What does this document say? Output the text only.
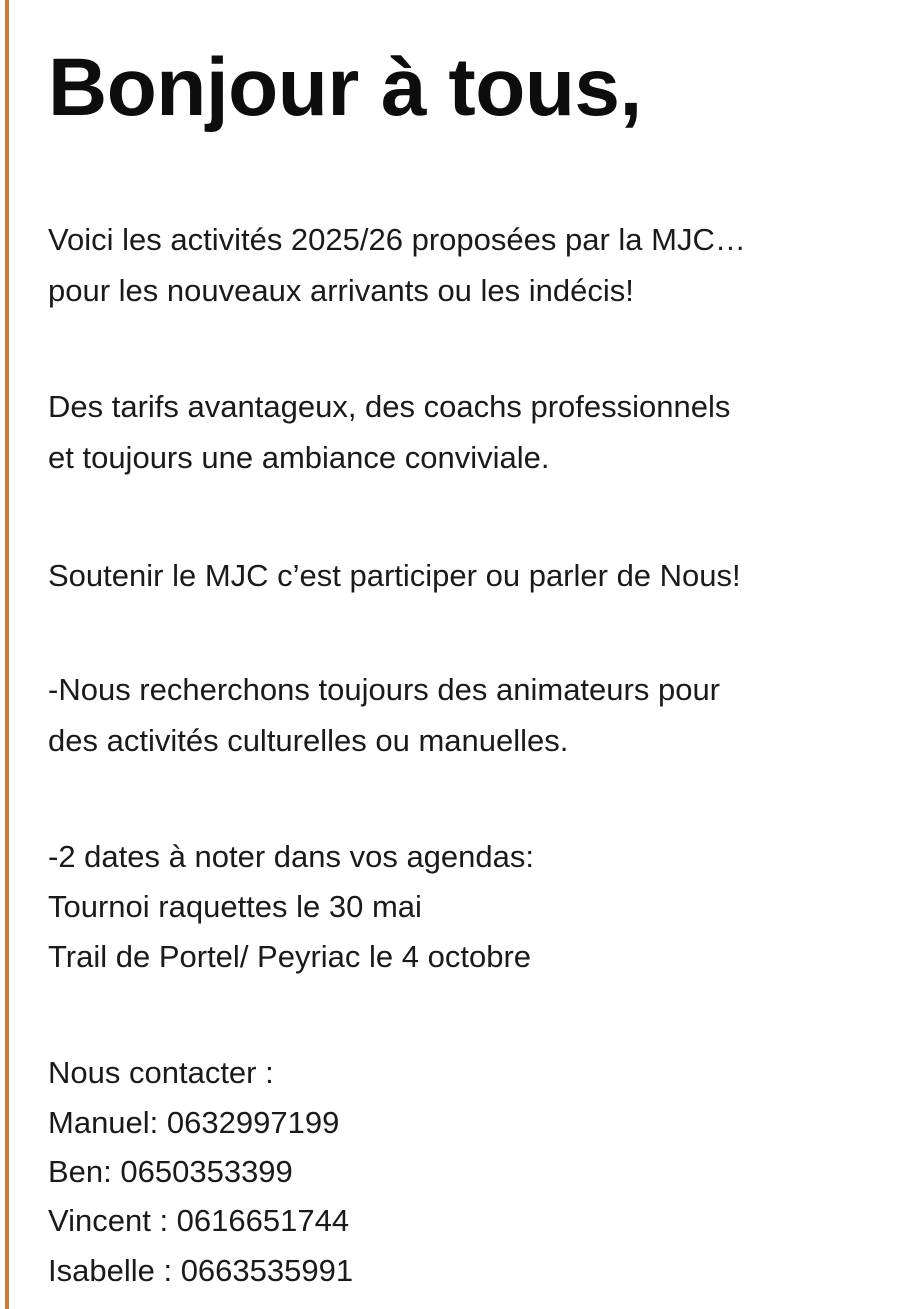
Bonjour à tous,

Voici les activités 2025/26 proposées par la MJC…

pour les nouveaux arrivants ou les indécis!

Des tarifs avantageux, des coachs professionnels

et toujours une ambiance conviviale.

Soutenir le MJC c’est participer ou parler de Nous!

-Nous recherchons toujours des animateurs pour

des activités culturelles ou manuelles.

-2 dates à noter dans vos agendas:

Tournoi raquettes le 30 mai

Trail de Portel/ Peyriac le 4 octobre

Nous contacter :

Manuel: 0632997199

Ben: 0650353399

Vincent : 0616651744

Isabelle : 0663535991
